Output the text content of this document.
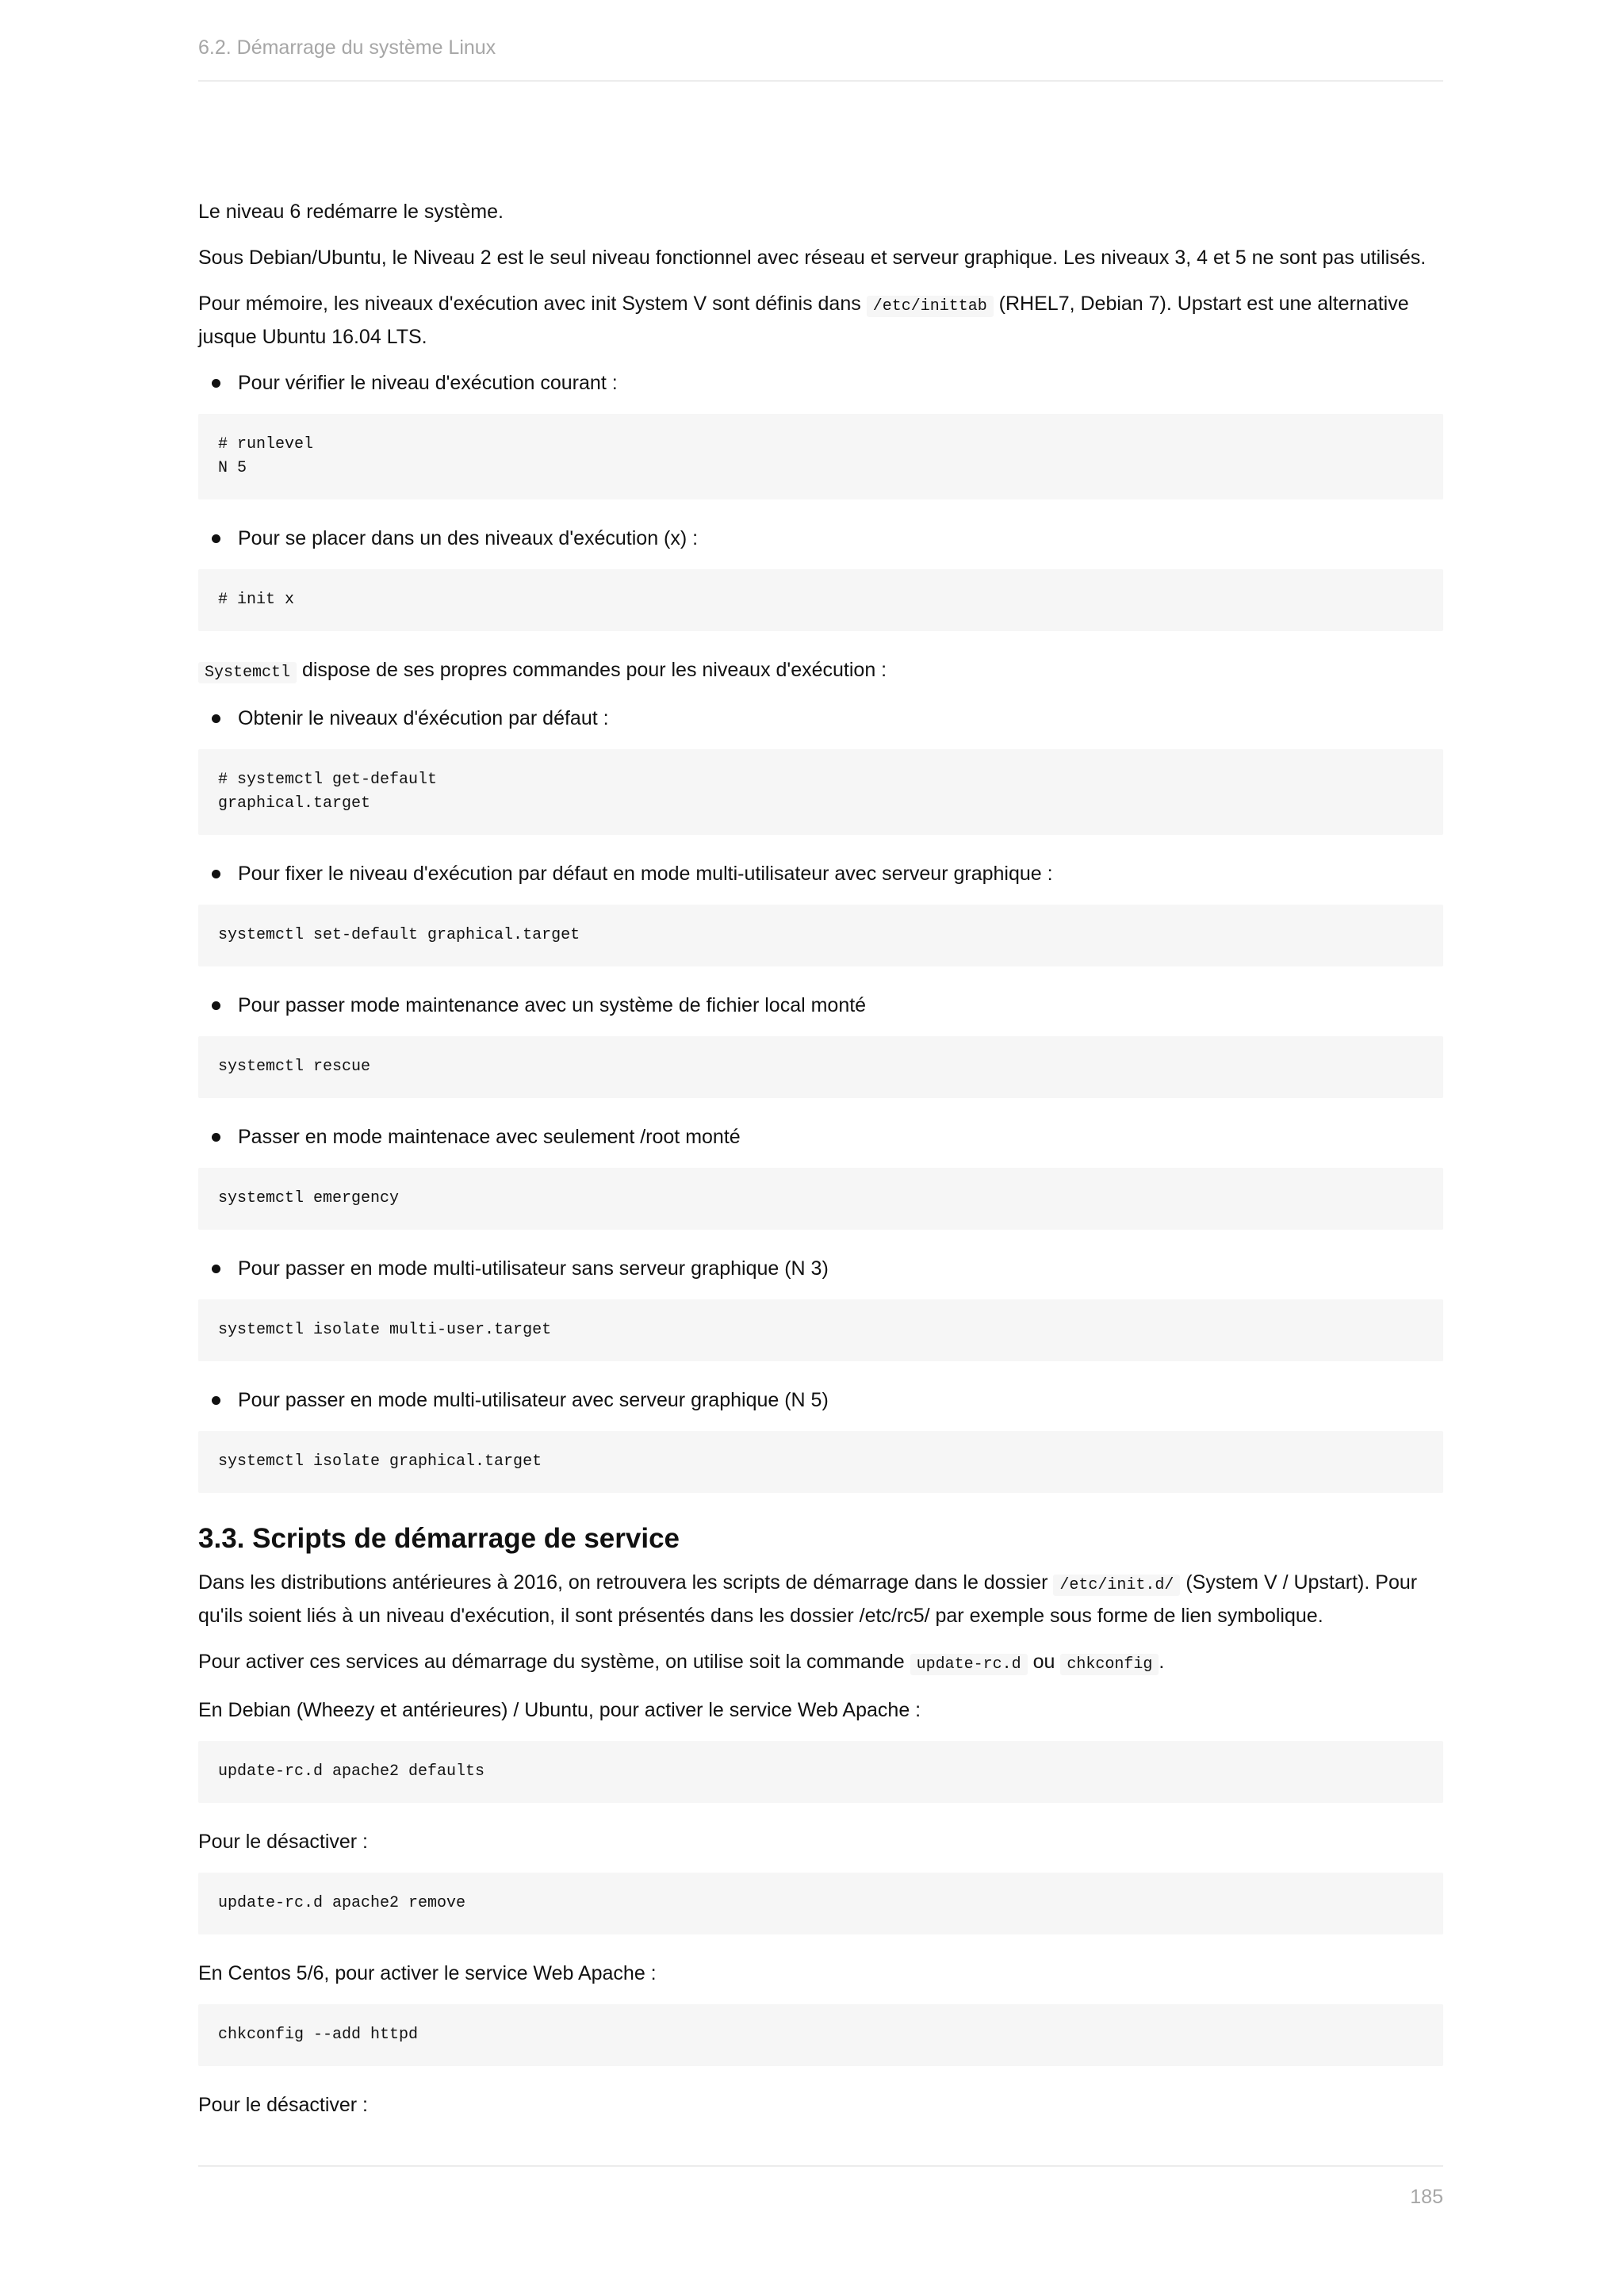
6.2. Démarrage du système Linux

Le niveau 6 redémarre le système.

Sous Debian/Ubuntu, le Niveau 2 est le seul niveau fonctionnel avec réseau et serveur graphique. Les niveaux 3, 4 et 5 ne sont pas utilisés.

Pour mémoire, les niveaux d'exécution avec init System V sont définis dans /etc/inittab (RHEL7, Debian 7). Upstart est une alternative jusque Ubuntu 16.04 LTS.

Pour vérifier le niveau d'exécution courant :
# runlevel
N 5
Pour se placer dans un des niveaux d'exécution (x) :
# init x

Systemctl dispose de ses propres commandes pour les niveaux d'exécution :

Obtenir le niveaux d'éxécution par défaut :
# systemctl get-default
graphical.target
Pour fixer le niveau d'exécution par défaut en mode multi-utilisateur avec serveur graphique :
systemctl set-default graphical.target
Pour passer mode maintenance avec un système de fichier local monté
systemctl rescue
Passer en mode maintenace avec seulement /root monté
systemctl emergency
Pour passer en mode multi-utilisateur sans serveur graphique (N 3)
systemctl isolate multi-user.target
Pour passer en mode multi-utilisateur avec serveur graphique (N 5)
systemctl isolate graphical.target
3.3. Scripts de démarrage de service

Dans les distributions antérieures à 2016, on retrouvera les scripts de démarrage dans le dossier /etc/init.d/ (System V / Upstart). Pour qu'ils soient liés à un niveau d'exécution, il sont présentés dans les dossier /etc/rc5/ par exemple sous forme de lien symbolique.

Pour activer ces services au démarrage du système, on utilise soit la commande update-rc.d ou chkconfig .

En Debian (Wheezy et antérieures) / Ubuntu, pour activer le service Web Apache :

update-rc.d apache2 defaults

Pour le désactiver :

update-rc.d apache2 remove

En Centos 5/6, pour activer le service Web Apache :

chkconfig --add httpd

Pour le désactiver :

185
